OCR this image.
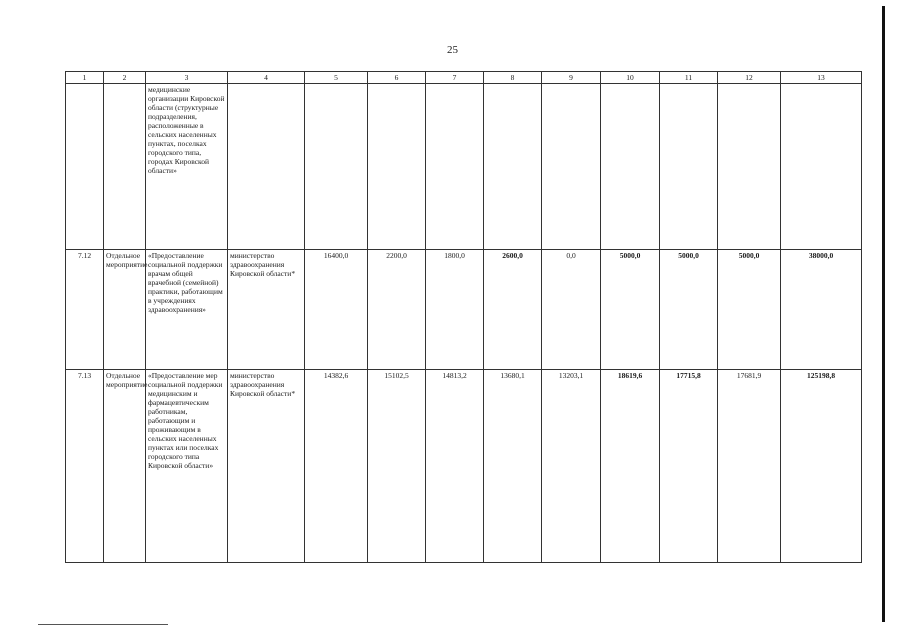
25
1	2	3	4	5	6	7	8	9	10	11	12	13
		медицинские организации Кировской области (структурные подразделения, расположенные в сельских населенных пунктах, поселках городского типа, городах Кировской области»										
7.12	Отдельное мероприятие	«Предоставление социальной поддержки врачам общей врачебной (семейной) практики, работающим в учреждениях здравоохранения»	министерство здравоохранения Кировской области*	16400,0	2200,0	1800,0	2600,0	0,0	5000,0	5000,0	5000,0	38000,0
7.13	Отдельное мероприятие	«Предоставление мер социальной поддержки медицинским и фармацевтическим работникам, работающим и проживающим в сельских населенных пунктах или поселках городского типа Кировской области»	министерство здравоохранения Кировской области*	14382,6	15102,5	14813,2	13680,1	13203,1	18619,6	17715,8	17681,9	125198,8
